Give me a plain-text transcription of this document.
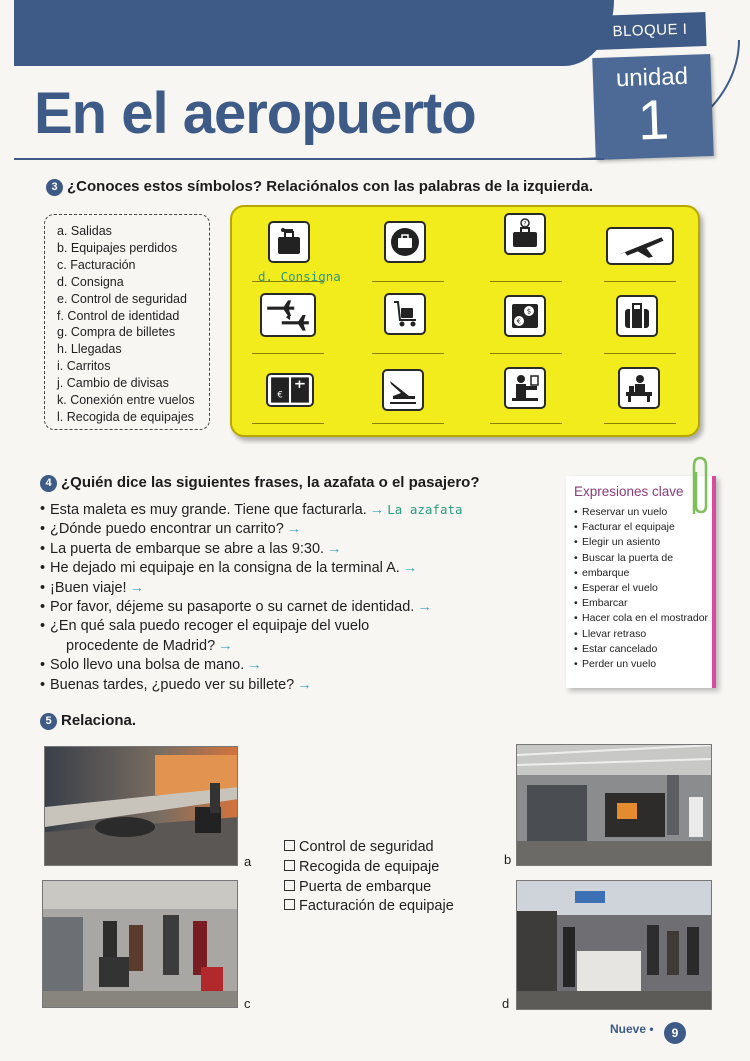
BLOQUE I
unidad
1
En el aeropuerto
3 ¿Conoces estos símbolos? Relaciónalos con las palabras de la izquierda.
a. Salidas
b. Equipajes perdidos
c. Facturación
d. Consigna
e. Control de seguridad
f. Control de identidad
g. Compra de billetes
h. Llegadas
i. Carritos
j. Cambio de divisas
k. Conexión entre vuelos
l. Recogida de equipajes
?
d. Consigna
$
€
€
4 ¿Quién dice las siguientes frases, la azafata o el pasajero?
• Esta maleta es muy grande. Tiene que facturarla. → La azafata
• ¿Dónde puedo encontrar un carrito? →
• La puerta de embarque se abre a las 9:30. →
• He dejado mi equipaje en la consigna de la terminal A. →
• ¡Buen viaje! →
• Por favor, déjeme su pasaporte o su carnet de identidad. →
• ¿En qué sala puedo recoger el equipaje del vuelo
procedente de Madrid? →
• Solo llevo una bolsa de mano. →
• Buenas tardes, ¿puedo ver su billete? →
Expresiones clave
• Reservar un vuelo
• Facturar el equipaje
• Elegir un asiento
• Buscar la puerta de
• embarque
• Esperar el vuelo
• Embarcar
• Hacer cola en el mostrador
• Llevar retraso
• Estar cancelado
• Perder un vuelo
5 Relaciona.
a	b
c	d
Control de seguridad
Recogida de equipaje
Puerta de embarque
Facturación de equipaje
Nueve •	9
